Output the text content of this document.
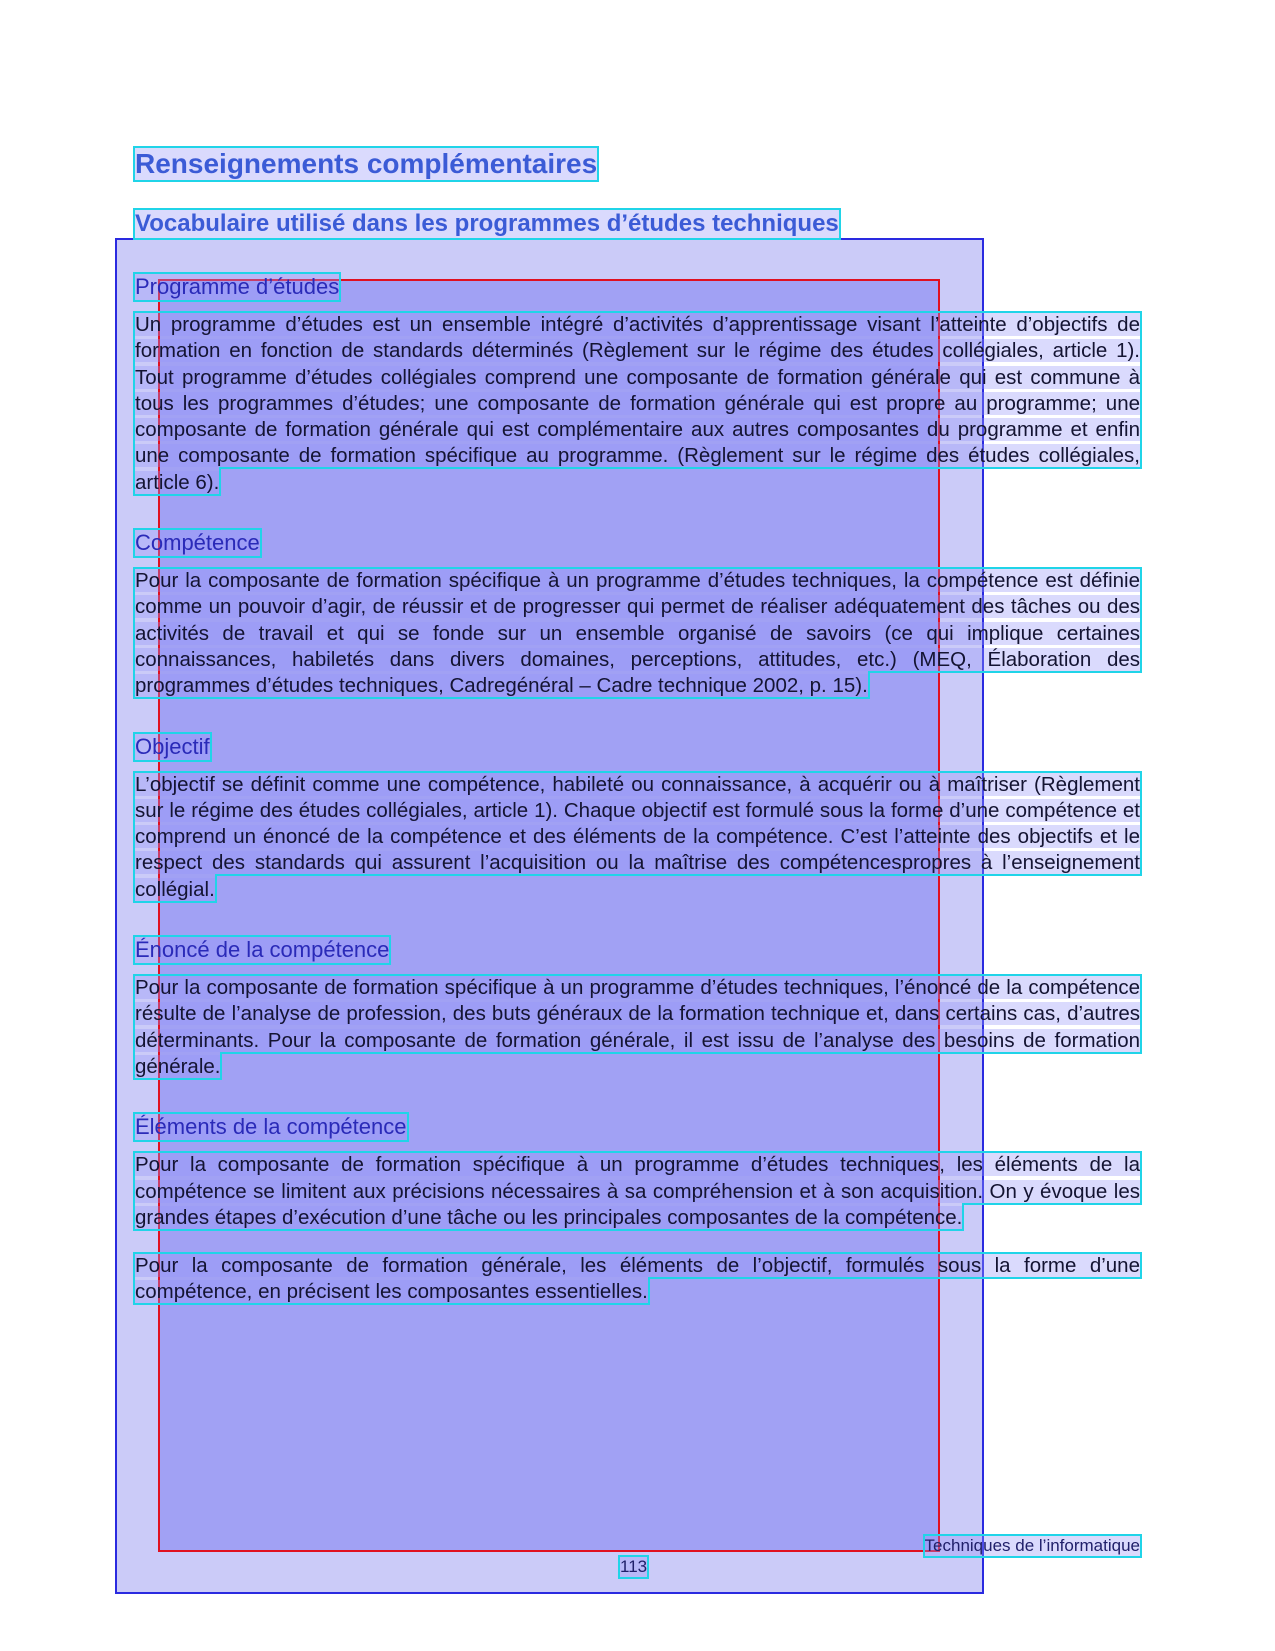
Renseignements complémentaires
Vocabulaire utilisé dans les programmes d’études techniques
Programme d’études
Un programme d’études est un ensemble intégré d’activités d’apprentissage visant l’atteinte d’objectifs de formation en fonction de standards déterminés (Règlement sur le régime des études collégiales, article 1). Tout programme d’études collégiales comprend une composante de formation générale qui est commune à tous les programmes d’études; une composante de formation générale qui est propre au programme; une composante de formation générale qui est complémentaire aux autres composantes du programme et enfin une composante de formation spécifique au programme. (Règlement sur le régime des études collégiales, article 6).
Compétence
Pour la composante de formation spécifique à un programme d’études techniques, la compétence est définie comme un pouvoir d’agir, de réussir et de progresser qui permet de réaliser adéquatement des tâches ou des activités de travail et qui se fonde sur un ensemble organisé de savoirs (ce qui implique certaines connaissances, habiletés dans divers domaines, perceptions, attitudes, etc.) (MEQ, Élaboration des programmes d’études techniques, Cadregénéral – Cadre technique 2002, p. 15).
Objectif
L’objectif se définit comme une compétence, habileté ou connaissance, à acquérir ou à maîtriser (Règlement sur le régime des études collégiales, article 1). Chaque objectif est formulé sous la forme d’une compétence et comprend un énoncé de la compétence et des éléments de la compétence. C’est l’atteinte des objectifs et le respect des standards qui assurent l’acquisition ou la maîtrise des compétencespropres à l’enseignement collégial.
Énoncé de la compétence
Pour la composante de formation spécifique à un programme d’études techniques, l’énoncé de la compétence résulte de l’analyse de profession, des buts généraux de la formation technique et, dans certains cas, d’autres déterminants. Pour la composante de formation générale, il est issu de l’analyse des besoins de formation générale.
Éléments de la compétence
Pour la composante de formation spécifique à un programme d’études techniques, les éléments de la compétence se limitent aux précisions nécessaires à sa compréhension et à son acquisition. On y évoque les grandes étapes d’exécution d’une tâche ou les principales composantes de la compétence.
Pour la composante de formation générale, les éléments de l’objectif, formulés sous la forme d’une compétence, en précisent les composantes essentielles.
Techniques de l’informatique
113
